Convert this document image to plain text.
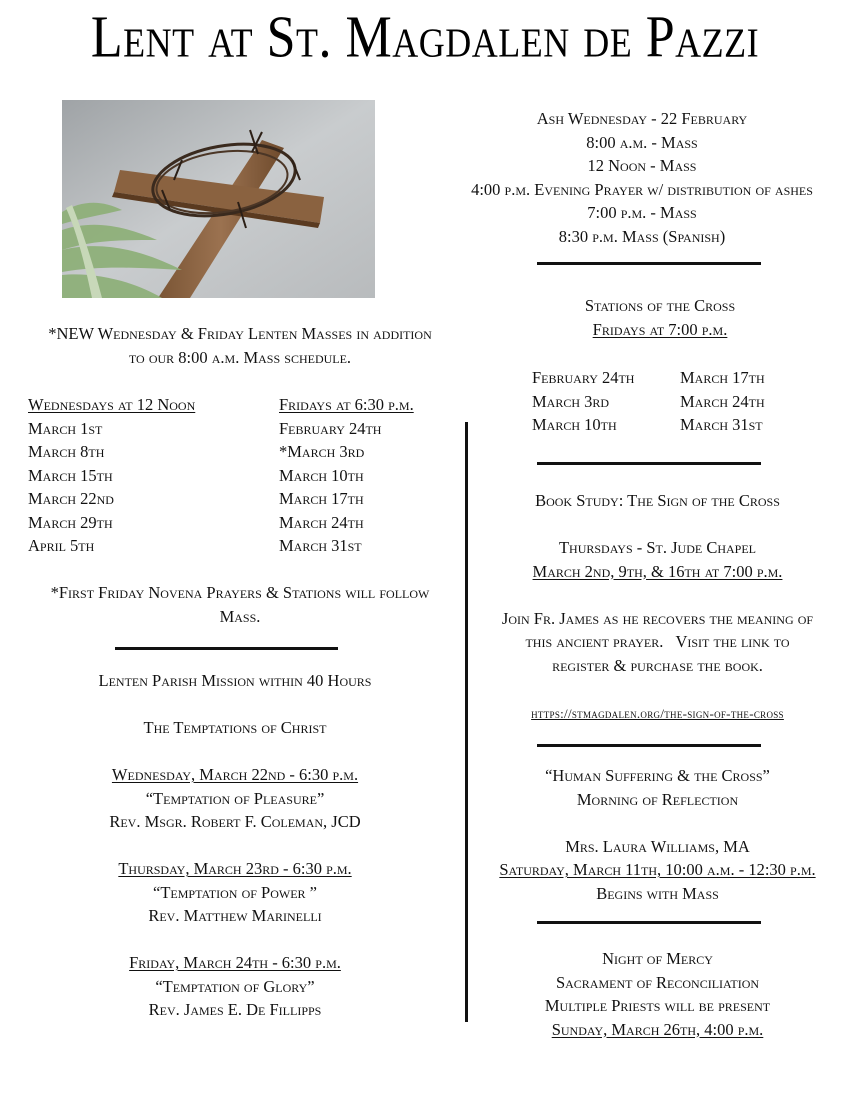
Lent at St. Magdalen de Pazzi
Ash Wednesday - 22 February
8:00 a.m. - Mass
12 Noon - Mass
4:00 p.m. Evening Prayer w/ distribution of ashes
7:00 p.m. - Mass
8:30 p.m. Mass (Spanish)
*NEW Wednesday & Friday Lenten Masses in addition
to our 8:00 a.m. Mass schedule.
Wednesdays at 12 Noon
March 1st
March 8th
March 15th
March 22nd
March 29th
April 5th
Fridays at 6:30 p.m.
February 24th
*March 3rd
March 10th
March 17th
March 24th
March 31st
*First Friday Novena Prayers & Stations will follow
Mass.
Lenten Parish Mission within 40 Hours
The Temptations of Christ
Wednesday, March 22nd - 6:30 p.m.
“Temptation of Pleasure”
Rev. Msgr. Robert F. Coleman, JCD
Thursday, March 23rd - 6:30 p.m.
“Temptation of Power ”
Rev. Matthew Marinelli
Friday, March 24th - 6:30 p.m.
“Temptation of Glory”
Rev. James E. De Fillipps
Stations of the Cross
Fridays at 7:00 p.m.
February 24th
March 3rd
March 10th
March 17th
March 24th
March 31st
Book Study: The Sign of the Cross
Thursdays - St. Jude Chapel
March 2nd, 9th, & 16th at 7:00 p.m.
Join Fr. James as he recovers the meaning of
this ancient prayer.   Visit the link to
register & purchase the book.
https://stmagdalen.org/the-sign-of-the-cross
“Human Suffering & the Cross”
Morning of Reflection
Mrs. Laura Williams, MA
Saturday, March 11th, 10:00 a.m. - 12:30 p.m.
Begins with Mass
Night of Mercy
Sacrament of Reconciliation
Multiple Priests will be present
Sunday, March 26th, 4:00 p.m.
